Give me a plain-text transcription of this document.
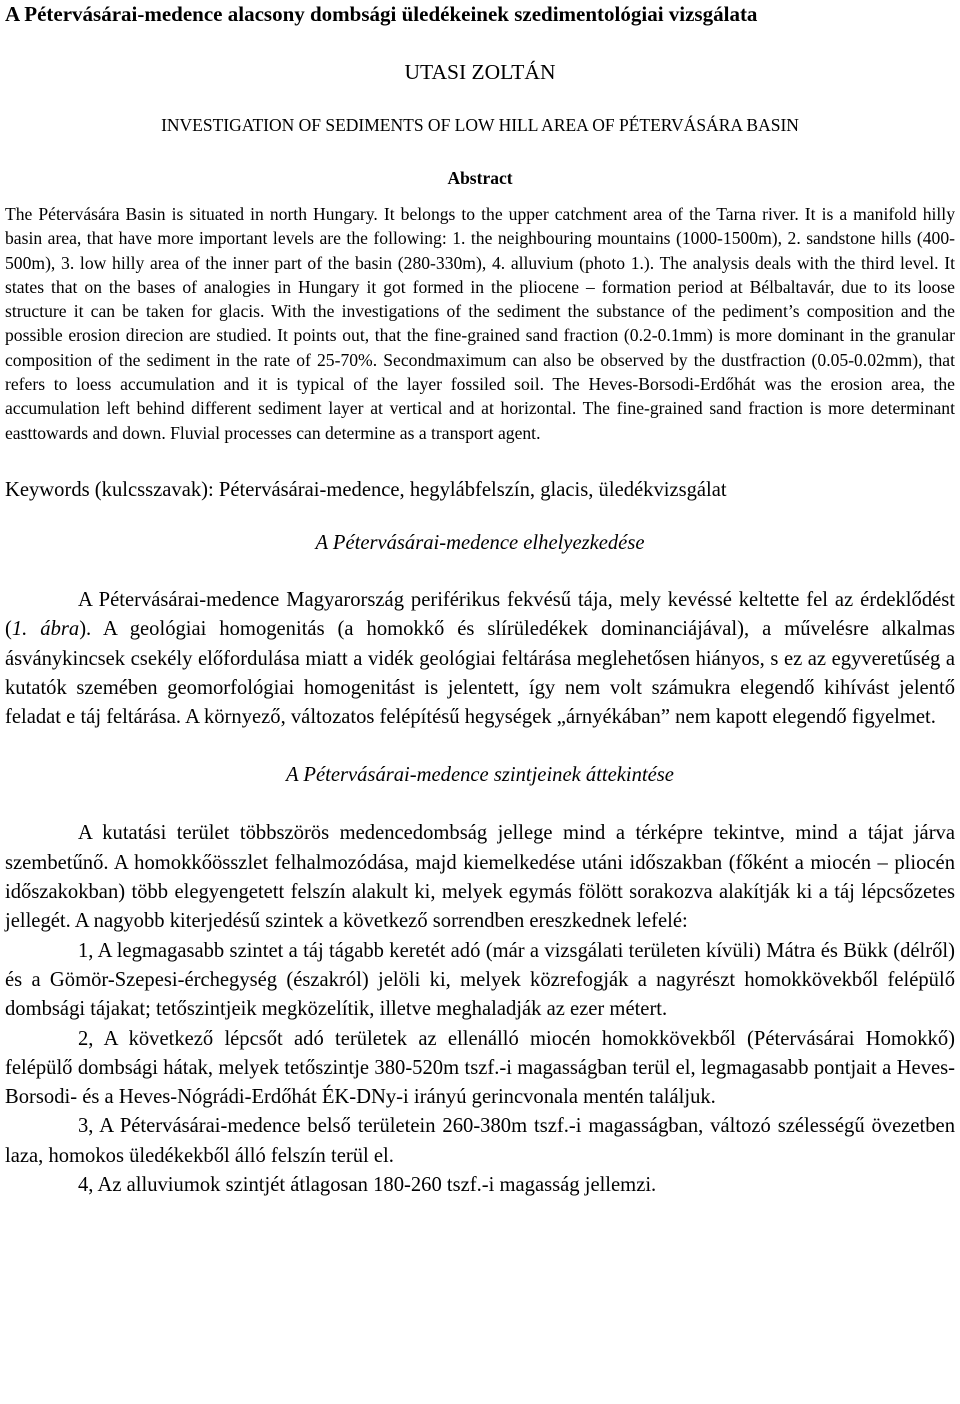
A Pétervásárai-medence alacsony dombsági üledékeinek szedimentológiai vizsgálata
UTASI ZOLTÁN
INVESTIGATION OF SEDIMENTS OF LOW HILL AREA OF PÉTERVÁSÁRA BASIN
Abstract

The Pétervására Basin is situated in north Hungary. It belongs to the upper catchment area of the Tarna river. It is a manifold hilly basin area, that have more important levels are the following: 1. the neighbouring mountains (1000-1500m), 2. sandstone hills (400-500m), 3. low hilly area of the inner part of the basin (280-330m), 4. alluvium (photo 1.). The analysis deals with the third level. It states that on the bases of analogies in Hungary it got formed in the pliocene – formation period at Bélbaltavár, due to its loose structure it can be taken for glacis. With the investigations of the sediment the substance of the pediment’s composition and the possible erosion direcion are studied. It points out, that the fine-grained sand fraction (0.2-0.1mm) is more dominant in the granular composition of the sediment in the rate of 25-70%. Secondmaximum can also be observed by the dustfraction (0.05-0.02mm), that refers to loess accumulation and it is typical of the layer fossiled soil. The Heves-Borsodi-Erdőhát was the erosion area, the accumulation left behind different sediment layer at vertical and at horizontal. The fine-grained sand fraction is more determinant easttowards and down. Fluvial processes can determine as a transport agent.

Keywords (kulcsszavak): Pétervásárai-medence, hegylábfelszín, glacis, üledékvizsgálat
A Pétervásárai-medence elhelyezkedése

A Pétervásárai-medence Magyarország periférikus fekvésű tája, mely kevéssé keltette fel az érdeklődést (1. ábra). A geológiai homogenitás (a homokkő és slírüledékek dominanciájával), a művelésre alkalmas ásványkincsek csekély előfordulása miatt a vidék geológiai feltárása meglehetősen hiányos, s ez az egyveretűség a kutatók szemében geomorfológiai homogenitást is jelentett, így nem volt számukra elegendő kihívást jelentő feladat e táj feltárása. A környező, változatos felépítésű hegységek „árnyékában” nem kapott elegendő figyelmet.

A Pétervásárai-medence szintjeinek áttekintése

A kutatási terület többszörös medencedombság jellege mind a térképre tekintve, mind a tájat járva szembetűnő. A homokkőösszlet felhalmozódása, majd kiemelkedése utáni időszakban (főként a miocén – pliocén időszakokban) több elegyengetett felszín alakult ki, melyek egymás fölött sorakozva alakítják ki a táj lépcsőzetes jellegét. A nagyobb kiterjedésű szintek a következő sorrendben ereszkednek lefelé:

1, A legmagasabb szintet a táj tágabb keretét adó (már a vizsgálati területen kívüli) Mátra és Bükk (délről) és a Gömör-Szepesi-érchegység (északról) jelöli ki, melyek közrefogják a nagyrészt homokkövekből felépülő dombsági tájakat; tetőszintjeik megközelítik, illetve meghaladják az ezer métert.

2, A következő lépcsőt adó területek az ellenálló miocén homokkövekből (Pétervásárai Homokkő) felépülő dombsági hátak, melyek tetőszintje 380-520m tszf.-i magasságban terül el, legmagasabb pontjait a Heves-Borsodi- és a Heves-Nógrádi-Erdőhát ÉK-DNy-i irányú gerincvonala mentén találjuk.

3, A Pétervásárai-medence belső területein 260-380m tszf.-i magasságban, változó szélességű övezetben laza, homokos üledékekből álló felszín terül el.

4, Az alluviumok szintjét átlagosan 180-260 tszf.-i magasság jellemzi.
